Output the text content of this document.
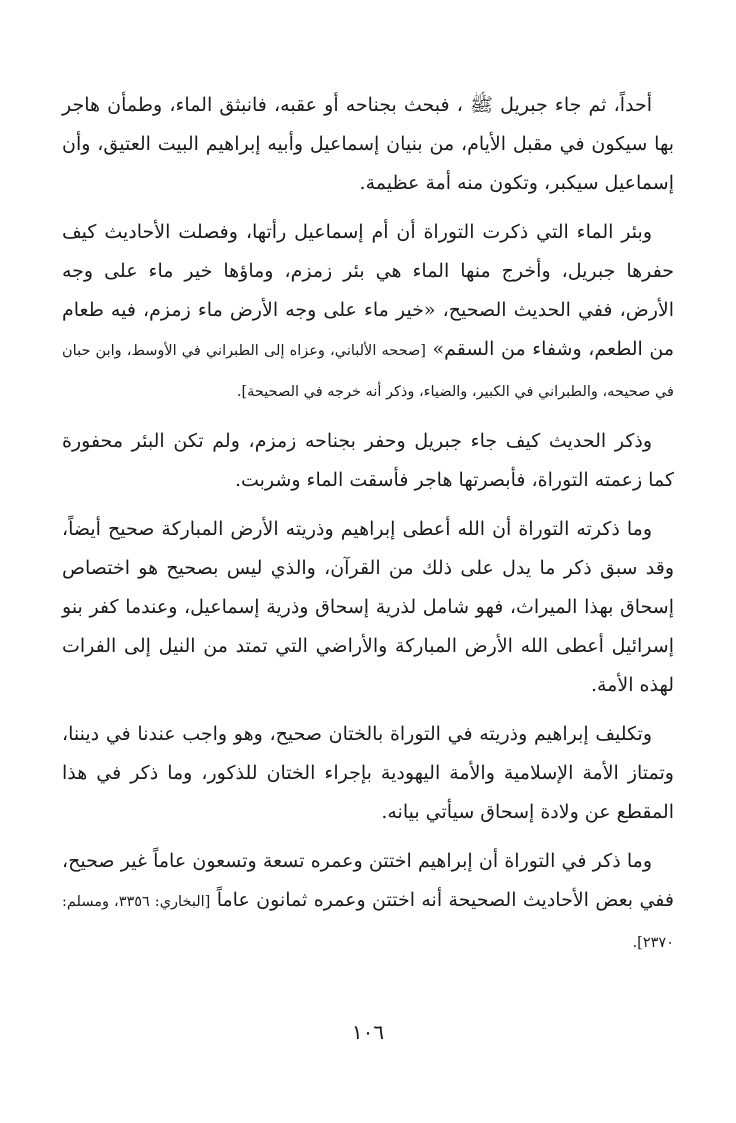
أحداً، ثم جاء جبريل ﷺ ، فبحث بجناحه أو عقبه، فانبثق الماء، وطمأن هاجر بها سيكون في مقبل الأيام، من بنيان إسماعيل وأبيه إبراهيم البيت العتيق، وأن إسماعيل سيكبر، وتكون منه أمة عظيمة.

وبئر الماء التي ذكرت التوراة أن أم إسماعيل رأتها، وفصلت الأحاديث كيف حفرها جبريل، وأخرج منها الماء هي بئر زمزم، وماؤها خير ماء على وجه الأرض، ففي الحديث الصحيح، «خير ماء على وجه الأرض ماء زمزم، فيه طعام من الطعم، وشفاء من السقم» [صححه الألباني، وعزاه إلى الطبراني في الأوسط، وابن حبان في صحيحه، والطبراني في الكبير، والضياء، وذكر أنه خرجه في الصحيحة].

وذكر الحديث كيف جاء جبريل وحفر بجناحه زمزم، ولم تكن البئر محفورة كما زعمته التوراة، فأبصرتها هاجر فأسقت الماء وشربت.

وما ذكرته التوراة أن الله أعطى إبراهيم وذريته الأرض المباركة صحيح أيضاً، وقد سبق ذكر ما يدل على ذلك من القرآن، والذي ليس بصحيح هو اختصاص إسحاق بهذا الميراث، فهو شامل لذرية إسحاق وذرية إسماعيل، وعندما كفر بنو إسرائيل أعطى الله الأرض المباركة والأراضي التي تمتد من النيل إلى الفرات لهذه الأمة.

وتكليف إبراهيم وذريته في التوراة بالختان صحيح، وهو واجب عندنا في ديننا، وتمتاز الأمة الإسلامية والأمة اليهودية بإجراء الختان للذكور، وما ذكر في هذا المقطع عن ولادة إسحاق سيأتي بيانه.

وما ذكر في التوراة أن إبراهيم اختتن وعمره تسعة وتسعون عاماً غير صحيح، ففي بعض الأحاديث الصحيحة أنه اختتن وعمره ثمانون عاماً [البخاري: ٣٣٥٦، ومسلم: ٢٣٧٠].

١٠٦
